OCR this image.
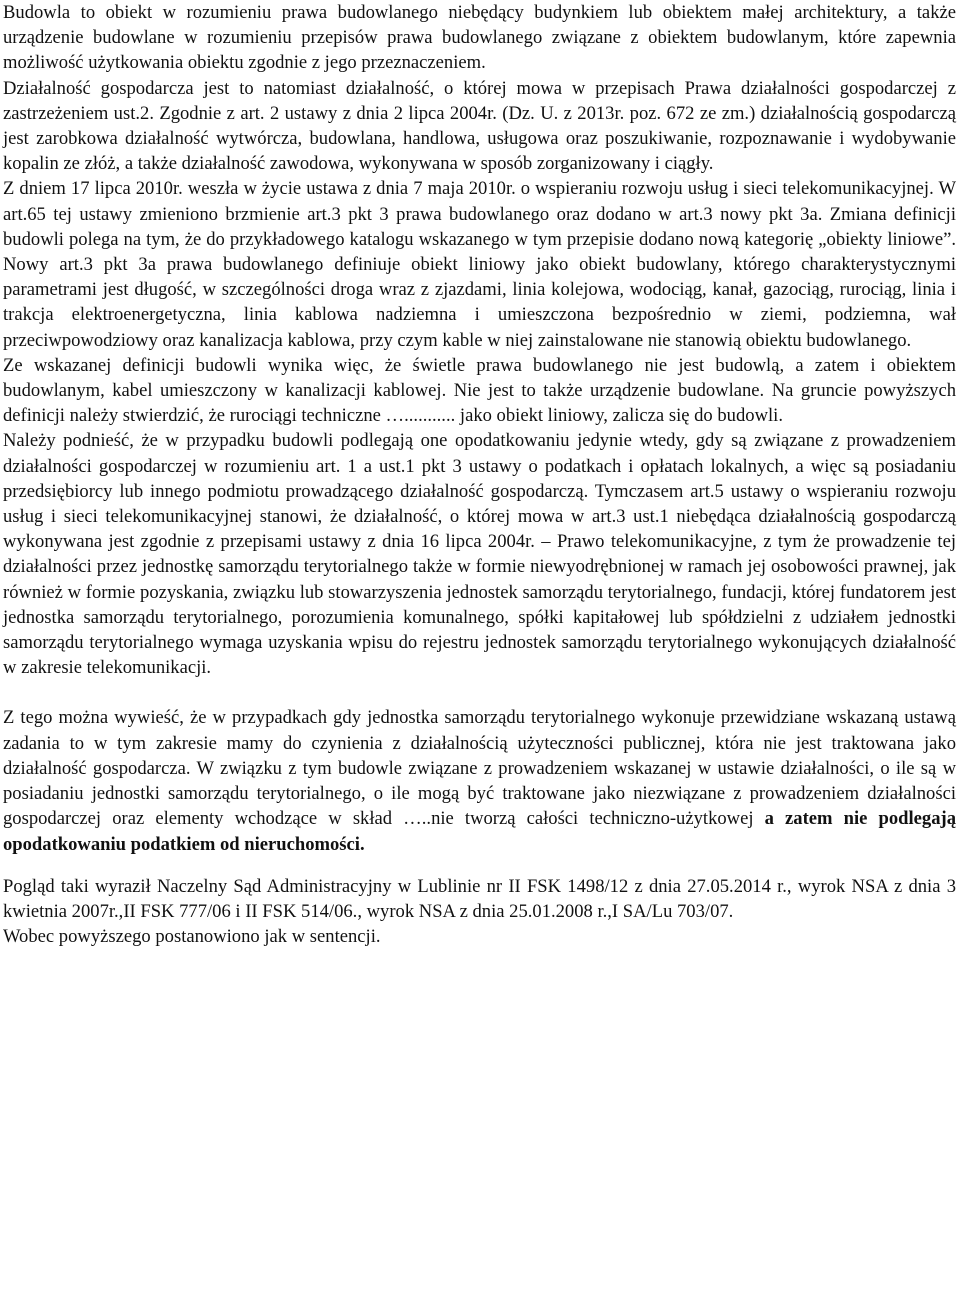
Budowla to obiekt w rozumieniu prawa budowlanego niebędący budynkiem lub obiektem małej architektury, a także urządzenie budowlane w rozumieniu przepisów prawa budowlanego związane z obiektem budowlanym, które zapewnia możliwość użytkowania obiektu zgodnie z jego przeznaczeniem.

Działalność gospodarcza jest to natomiast działalność, o której mowa w przepisach Prawa działalności gospodarczej z zastrzeżeniem ust.2. Zgodnie z art. 2 ustawy z dnia 2 lipca 2004r. (Dz. U. z 2013r. poz. 672 ze zm.) działalnością gospodarczą jest zarobkowa działalność wytwórcza, budowlana, handlowa, usługowa oraz poszukiwanie, rozpoznawanie i wydobywanie kopalin ze złóż, a także działalność zawodowa, wykonywana w sposób zorganizowany i ciągły.

Z dniem 17 lipca 2010r. weszła w życie ustawa z dnia 7 maja 2010r. o wspieraniu rozwoju usług i sieci telekomunikacyjnej. W art.65 tej ustawy zmieniono brzmienie art.3 pkt 3 prawa budowlanego oraz dodano w art.3 nowy pkt 3a. Zmiana definicji budowli polega na tym, że do przykładowego katalogu wskazanego w tym przepisie dodano nową kategorię „obiekty liniowe”. Nowy art.3 pkt 3a prawa budowlanego definiuje obiekt liniowy jako obiekt budowlany, którego charakterystycznymi parametrami jest długość, w szczególności droga wraz z zjazdami, linia kolejowa, wodociąg, kanał, gazociąg, rurociąg, linia i trakcja elektroenergetyczna, linia kablowa nadziemna i umieszczona bezpośrednio w ziemi, podziemna, wał przeciwpowodziowy oraz kanalizacja kablowa, przy czym kable w niej zainstalowane nie stanowią obiektu budowlanego.

Ze wskazanej definicji budowli wynika więc, że świetle prawa budowlanego nie jest budowlą, a zatem i obiektem budowlanym, kabel umieszczony w kanalizacji kablowej. Nie jest to także urządzenie budowlane. Na gruncie powyższych definicji należy stwierdzić, że rurociągi techniczne …........... jako obiekt liniowy, zalicza się do budowli.

Należy podnieść, że w przypadku budowli podlegają one opodatkowaniu jedynie wtedy, gdy są związane z prowadzeniem działalności gospodarczej w rozumieniu art. 1 a ust.1 pkt 3 ustawy o podatkach i opłatach lokalnych, a więc są posiadaniu przedsiębiorcy lub innego podmiotu prowadzącego działalność gospodarczą. Tymczasem art.5 ustawy o wspieraniu rozwoju usług i sieci telekomunikacyjnej stanowi, że działalność, o której mowa w art.3 ust.1 niebędąca działalnością gospodarczą wykonywana jest zgodnie z przepisami ustawy z dnia 16 lipca 2004r. – Prawo telekomunikacyjne, z tym że prowadzenie tej działalności przez jednostkę samorządu terytorialnego także w formie niewyodrębnionej w ramach jej osobowości prawnej, jak również w formie pozyskania, związku lub stowarzyszenia jednostek samorządu terytorialnego, fundacji, której fundatorem jest jednostka samorządu terytorialnego, porozumienia komunalnego, spółki kapitałowej lub spółdzielni z udziałem jednostki samorządu terytorialnego wymaga uzyskania wpisu do rejestru jednostek samorządu terytorialnego wykonujących działalność w zakresie telekomunikacji.

Z tego można wywieść, że w przypadkach gdy jednostka samorządu terytorialnego wykonuje przewidziane wskazaną ustawą zadania to w tym zakresie mamy do czynienia z działalnością użyteczności publicznej, która nie jest traktowana jako działalność gospodarcza. W związku z tym budowle związane z prowadzeniem wskazanej w ustawie działalności, o ile są w posiadaniu jednostki samorządu terytorialnego, o ile mogą być traktowane jako niezwiązane z prowadzeniem działalności gospodarczej oraz elementy wchodzące w skład …..nie tworzą całości techniczno-użytkowej a zatem nie podlegają opodatkowaniu podatkiem od nieruchomości.

Pogląd taki wyraził Naczelny Sąd Administracyjny w Lublinie nr II FSK 1498/12 z dnia 27.05.2014 r., wyrok NSA z dnia 3 kwietnia 2007r.,II FSK 777/06 i II FSK 514/06., wyrok NSA z dnia 25.01.2008 r.,I SA/Lu 703/07.

Wobec powyższego postanowiono jak w sentencji.
